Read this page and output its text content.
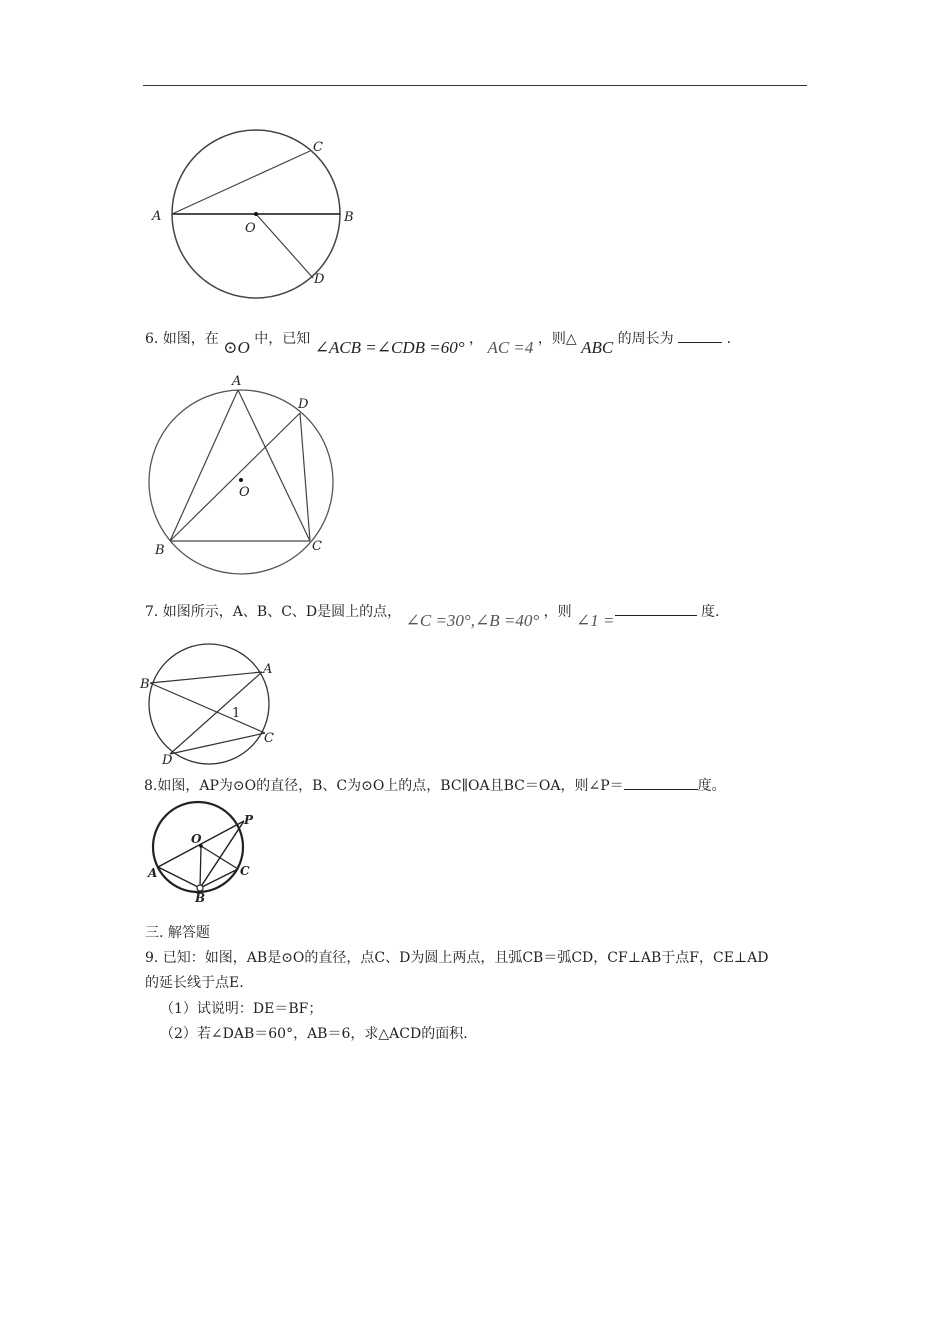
A	B
C
D
O
6. 如图，在 ⊙O 中，已知 ∠ACB =∠CDB =60° ， AC =4 ，则△ ABC 的周长为	.
A
B	C
D
O
7. 如图所示，A、B、C、D是圆上的点， ∠C =30°,∠B =40° ，则 ∠1 =	度.
A
B
C
D
1
8.如图，AP为⊙O的直径，B、C为⊙O上的点，BC∥OA且BC＝OA，则∠P＝	度。
A
B
C
O
P
三. 解答题
9. 已知：如图，AB是⊙O的直径，点C、D为圆上两点，且弧CB＝弧CD，CF⊥AB于点F，CE⊥AD
的延长线于点E.
（1）试说明：DE＝BF；
（2）若∠DAB＝60°，AB＝6，求△ACD的面积.
